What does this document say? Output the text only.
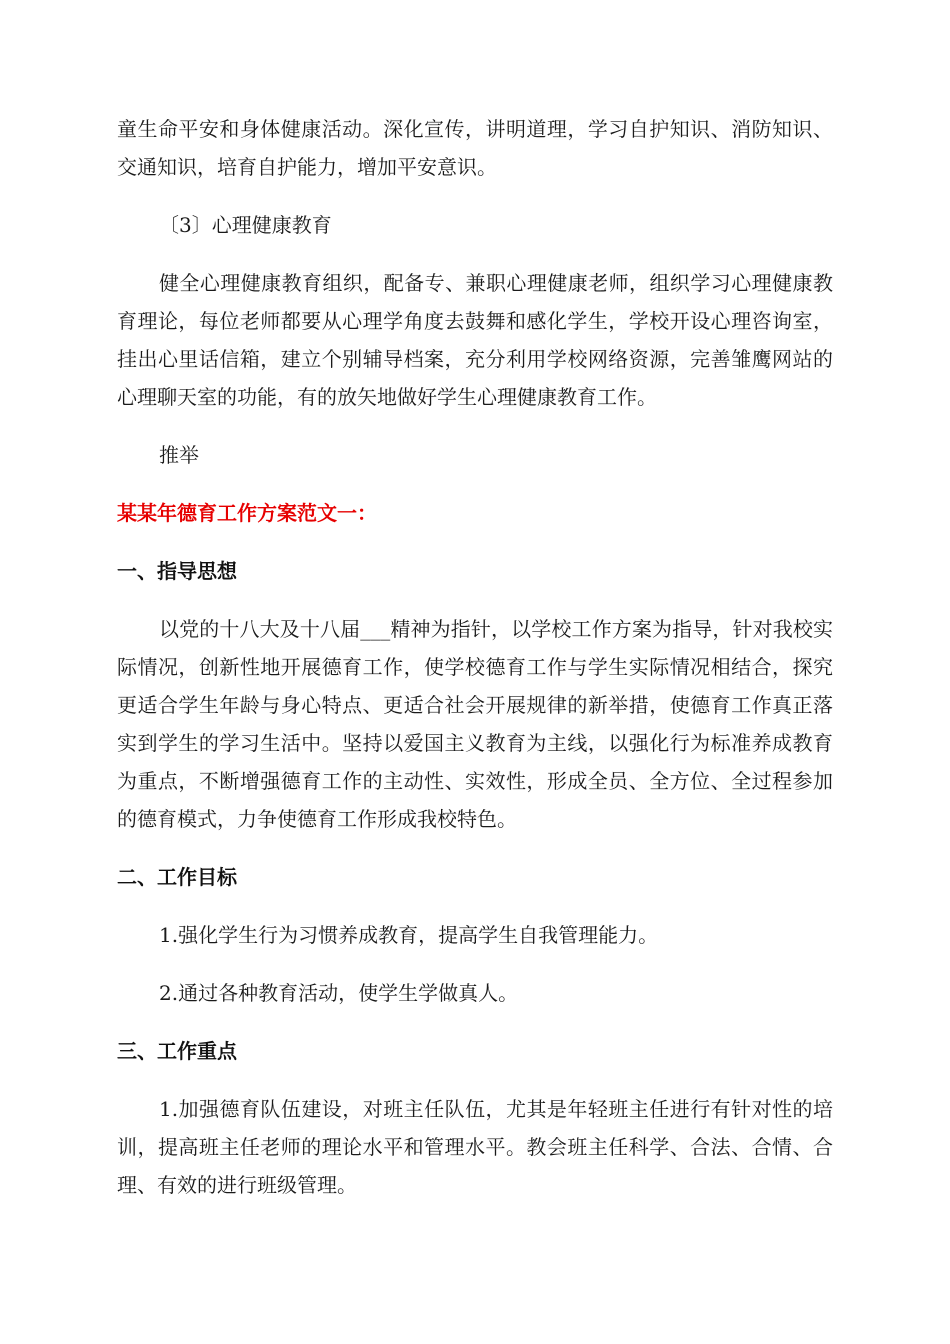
童生命平安和身体健康活动。深化宣传，讲明道理，学习自护知识、消防知识、交通知识，培育自护能力，增加平安意识。

〔3〕心理健康教育

健全心理健康教育组织，配备专、兼职心理健康老师，组织学习心理健康教育理论，每位老师都要从心理学角度去鼓舞和感化学生，学校开设心理咨询室，挂出心里话信箱，建立个别辅导档案，充分利用学校网络资源，完善雏鹰网站的心理聊天室的功能，有的放矢地做好学生心理健康教育工作。

推举

某某年德育工作方案范文一：

一、指导思想

以党的十八大及十八届___精神为指针，以学校工作方案为指导，针对我校实际情况，创新性地开展德育工作，使学校德育工作与学生实际情况相结合，探究更适合学生年龄与身心特点、更适合社会开展规律的新举措，使德育工作真正落实到学生的学习生活中。坚持以爱国主义教育为主线，以强化行为标准养成教育为重点，不断增强德育工作的主动性、实效性，形成全员、全方位、全过程参加的德育模式，力争使德育工作形成我校特色。

二、工作目标

1.强化学生行为习惯养成教育，提高学生自我管理能力。

2.通过各种教育活动，使学生学做真人。

三、工作重点

1.加强德育队伍建设，对班主任队伍，尤其是年轻班主任进行有针对性的培训，提高班主任老师的理论水平和管理水平。教会班主任科学、合法、合情、合理、有效的进行班级管理。
